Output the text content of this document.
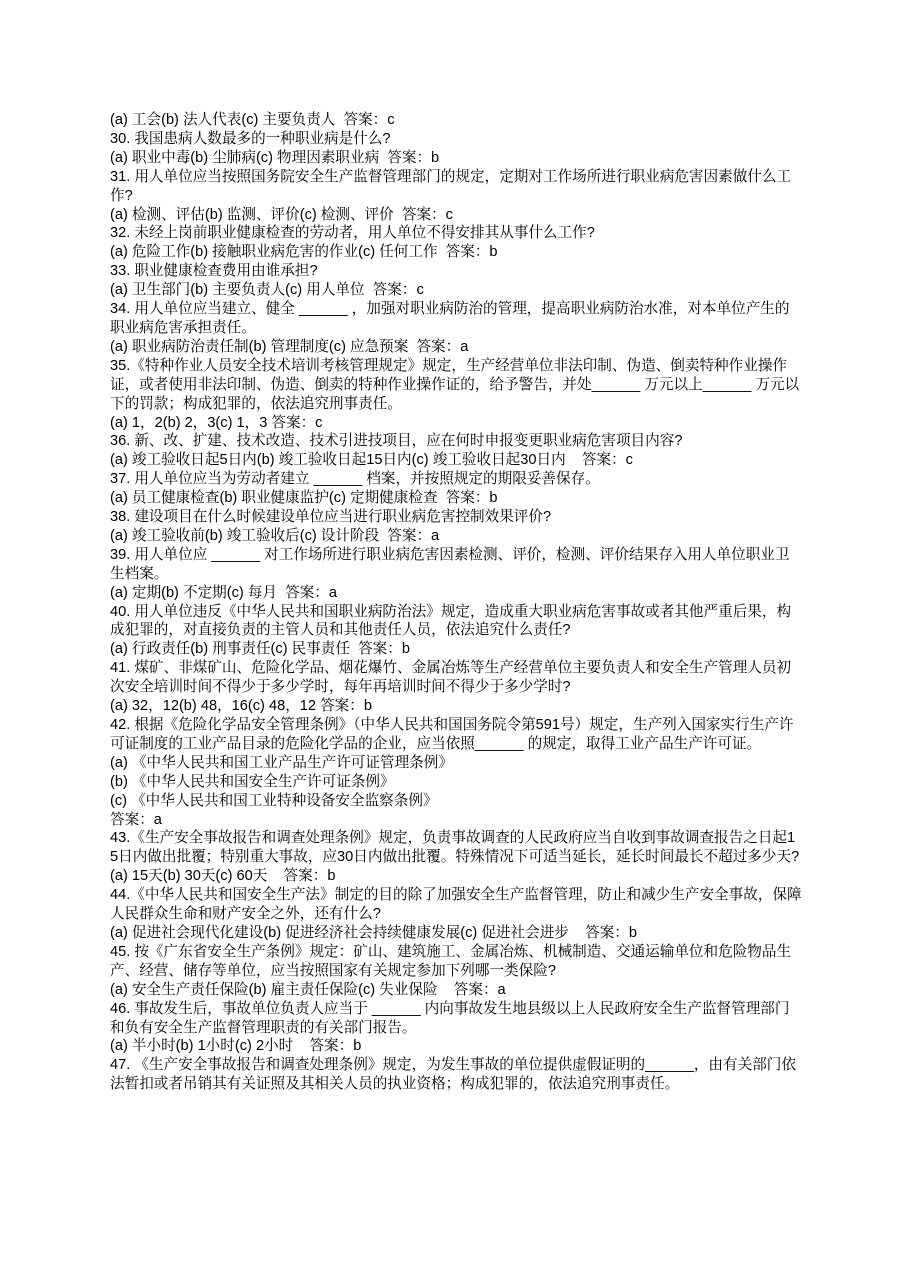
(a) 工会(b) 法人代表(c) 主要负责人  答案：c
30. 我国患病人数最多的一种职业病是什么?
(a) 职业中毒(b) 尘肺病(c) 物理因素职业病  答案：b
31. 用人单位应当按照国务院安全生产监督管理部门的规定，定期对工作场所进行职业病危害因素做什么工作?
(a) 检测、评估(b) 监测、评价(c) 检测、评价  答案：c
32. 未经上岗前职业健康检查的劳动者，用人单位不得安排其从事什么工作?
(a) 危险工作(b) 接触职业病危害的作业(c) 任何工作  答案：b
33. 职业健康检查费用由谁承担?
(a) 卫生部门(b) 主要负责人(c) 用人单位  答案：c
34. 用人单位应当建立、健全 ______ ，加强对职业病防治的管理，提高职业病防治水准，对本单位产生的职业病危害承担责任。
(a) 职业病防治责任制(b) 管理制度(c) 应急预案  答案：a
35.《特种作业人员安全技术培训考核管理规定》规定，生产经营单位非法印制、伪造、倒卖特种作业操作证，或者使用非法印制、伪造、倒卖的特种作业操作证的，给予警告，并处______ 万元以上______ 万元以下的罚款；构成犯罪的，依法追究刑事责任。
(a) 1，2(b) 2，3(c) 1，3 答案：c
36. 新、改、扩建、技术改造、技术引进技项目，应在何时申报变更职业病危害项目内容?
(a) 竣工验收日起5日内(b) 竣工验收日起15日内(c) 竣工验收日起30日内    答案：c
37. 用人单位应当为劳动者建立 ______ 档案，并按照规定的期限妥善保存。
(a) 员工健康检查(b) 职业健康监护(c) 定期健康检查  答案：b
38. 建设项目在什么时候建设单位应当进行职业病危害控制效果评价?
(a) 竣工验收前(b) 竣工验收后(c) 设计阶段  答案：a
39. 用人单位应 ______ 对工作场所进行职业病危害因素检测、评价，检测、评价结果存入用人单位职业卫生档案。
(a) 定期(b) 不定期(c) 每月  答案：a
40. 用人单位违反《中华人民共和国职业病防治法》规定，造成重大职业病危害事故或者其他严重后果，构成犯罪的，对直接负责的主管人员和其他责任人员，依法追究什么责任?
(a) 行政责任(b) 刑事责任(c) 民事责任  答案：b
41. 煤矿、非煤矿山、危险化学品、烟花爆竹、金属冶炼等生产经营单位主要负责人和安全生产管理人员初次安全培训时间不得少于多少学时，每年再培训时间不得少于多少学时?
(a) 32，12(b) 48，16(c) 48，12 答案：b
42. 根据《危险化学品安全管理条例》（中华人民共和国国务院令第591号）规定，生产列入国家实行生产许可证制度的工业产品目录的危险化学品的企业，应当依照______ 的规定，取得工业产品生产许可证。
(a) 《中华人民共和国工业产品生产许可证管理条例》
(b) 《中华人民共和国安全生产许可证条例》
(c) 《中华人民共和国工业特种设备安全监察条例》
答案：a
43.《生产安全事故报告和调查处理条例》规定，负责事故调查的人民政府应当自收到事故调查报告之日起15日内做出批覆；特别重大事故，应30日内做出批覆。特殊情况下可适当延长，延长时间最长不超过多少天?
(a) 15天(b) 30天(c) 60天    答案：b
44.《中华人民共和国安全生产法》制定的目的除了加强安全生产监督管理，防止和减少生产安全事故，保障人民群众生命和财产安全之外，还有什么?
(a) 促进社会现代化建设(b) 促进经济社会持续健康发展(c) 促进社会进步    答案：b
45. 按《广东省安全生产条例》规定：矿山、建筑施工、金属冶炼、机械制造、交通运输单位和危险物品生产、经营、储存等单位，应当按照国家有关规定参加下列哪一类保险?
(a) 安全生产责任保险(b) 雇主责任保险(c) 失业保险    答案：a
46. 事故发生后，事故单位负责人应当于 ______ 内向事故发生地县级以上人民政府安全生产监督管理部门和负有安全生产监督管理职责的有关部门报告。
(a) 半小时(b) 1小时(c) 2小时    答案：b
47. 《生产安全事故报告和调查处理条例》规定，为发生事故的单位提供虚假证明的______，由有关部门依法暂扣或者吊销其有关证照及其相关人员的执业资格；构成犯罪的，依法追究刑事责任。
